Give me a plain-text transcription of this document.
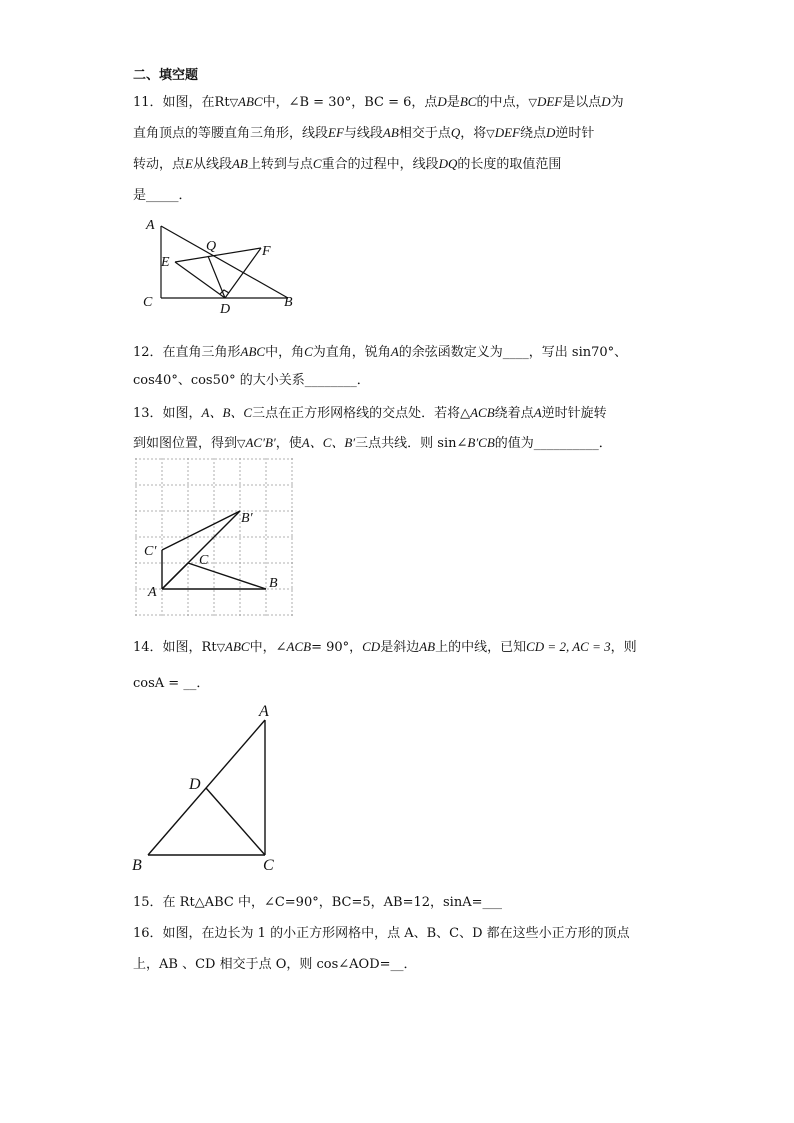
二、填空题
11．如图，在Rt▽ABC中，∠B = 30°，BC = 6，点D是BC的中点，▽DEF是以点D为
直角顶点的等腰直角三角形，线段EF与线段AB相交于点Q，将▽DEF绕点D逆时针
转动，点E从线段AB上转到与点C重合的过程中，线段DQ的长度的取值范围
是_____．
A
E
Q	F
C	D	B
12．在直角三角形ABC中，角C为直角，锐角A的余弦函数定义为____，写出 sin70°、
cos40°、cos50° 的大小关系________．
13．如图，A、B、C三点在正方形网格线的交点处．若将△ACB绕着点A逆时针旋转
到如图位置，得到▽AC′B′，使A、C、B′三点共线．则 sin∠B′CB的值为__________．
B′
C′
C
B
A
14．如图，Rt▽ABC中，∠ACB= 90°，CD是斜边AB上的中线，已知CD = 2, AC = 3，则
cosA = __．
A
D
B	C
15．在 Rt△ABC 中，∠C=90°，BC=5，AB=12，sinA=___
16．如图，在边长为 1 的小正方形网格中，点 A、B、C、D 都在这些小正方形的顶点
上，AB 、CD 相交于点 O，则 cos∠AOD=__．
